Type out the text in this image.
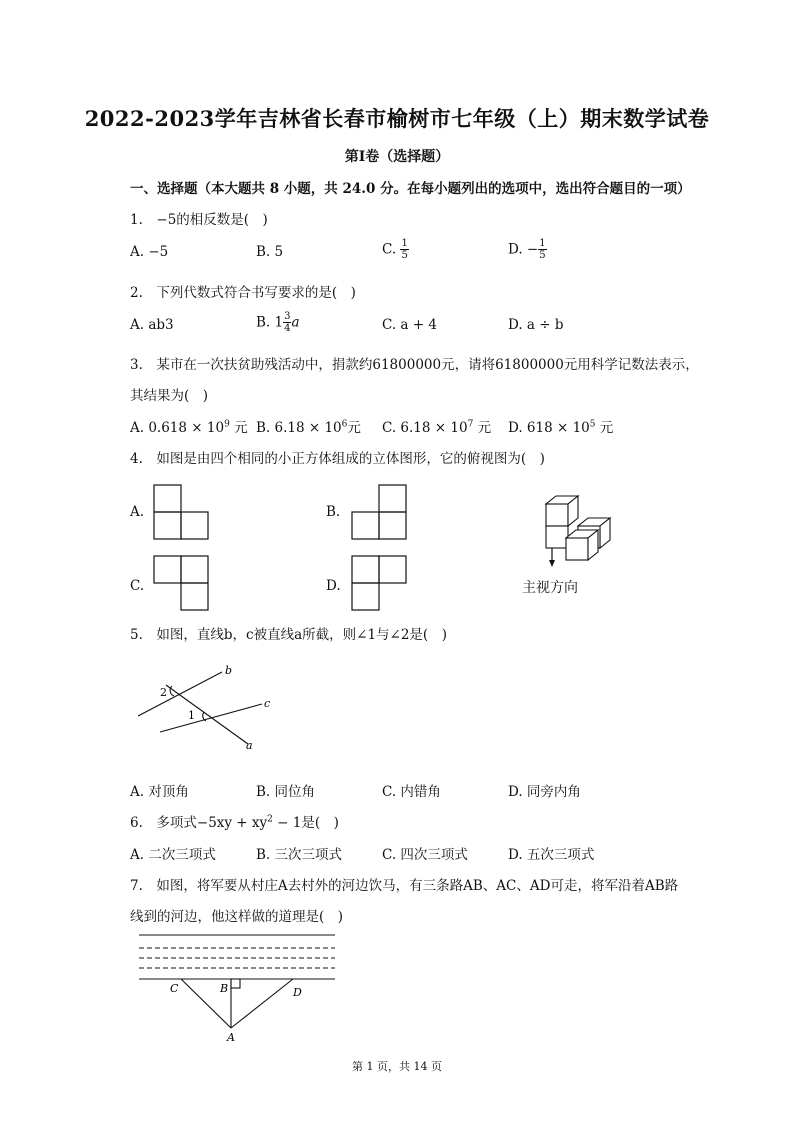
2022-2023学年吉林省长春市榆树市七年级（上）期末数学试卷
第Ⅰ卷（选择题）
一、选择题（本大题共 8 小题，共 24.0 分。在每小题列出的选项中，选出符合题目的一项）
1.　−5的相反数是(　)
A. −5	B. 5	C. $\frac{1}{5}$	D. − $\frac{1}{5}$
2.　下列代数式符合书写要求的是(　)
A. ab3	B. $1 \frac{3}{4}$ a	C. a + 4	D. a ÷ b
3.　某市在一次扶贫助残活动中，捐款约61800000元，请将61800000元用科学记数法表示，
其结果为(　)
A. $0.618 \times 10^9$ 元 B. $6.18 \times 10^6$元 C. $6.18 \times 10^7$ 元 D. $618 \times 10^5$ 元
4.　如图是由四个相同的小正方体组成的立体图形，它的俯视图为(　)
A.	B.
C.	D.	主视方向
5.　如图，直线b，c被直线a所截，则∠1与∠2是(　)
b
c
a
2
1
A. 对顶角	B. 同位角	C. 内错角	D. 同旁内角
6.　多项式$-5xy + xy^2 - 1$是(　)
A. 二次三项式	B. 三次三项式	C. 四次三项式	D. 五次三项式
7.　如图，将军要从村庄A去村外的河边饮马，有三条路AB、AC、AD可走，将军沿着AB路
线到的河边，他这样做的道理是(　)
C	B	D
A
第 1 页，共 14 页
